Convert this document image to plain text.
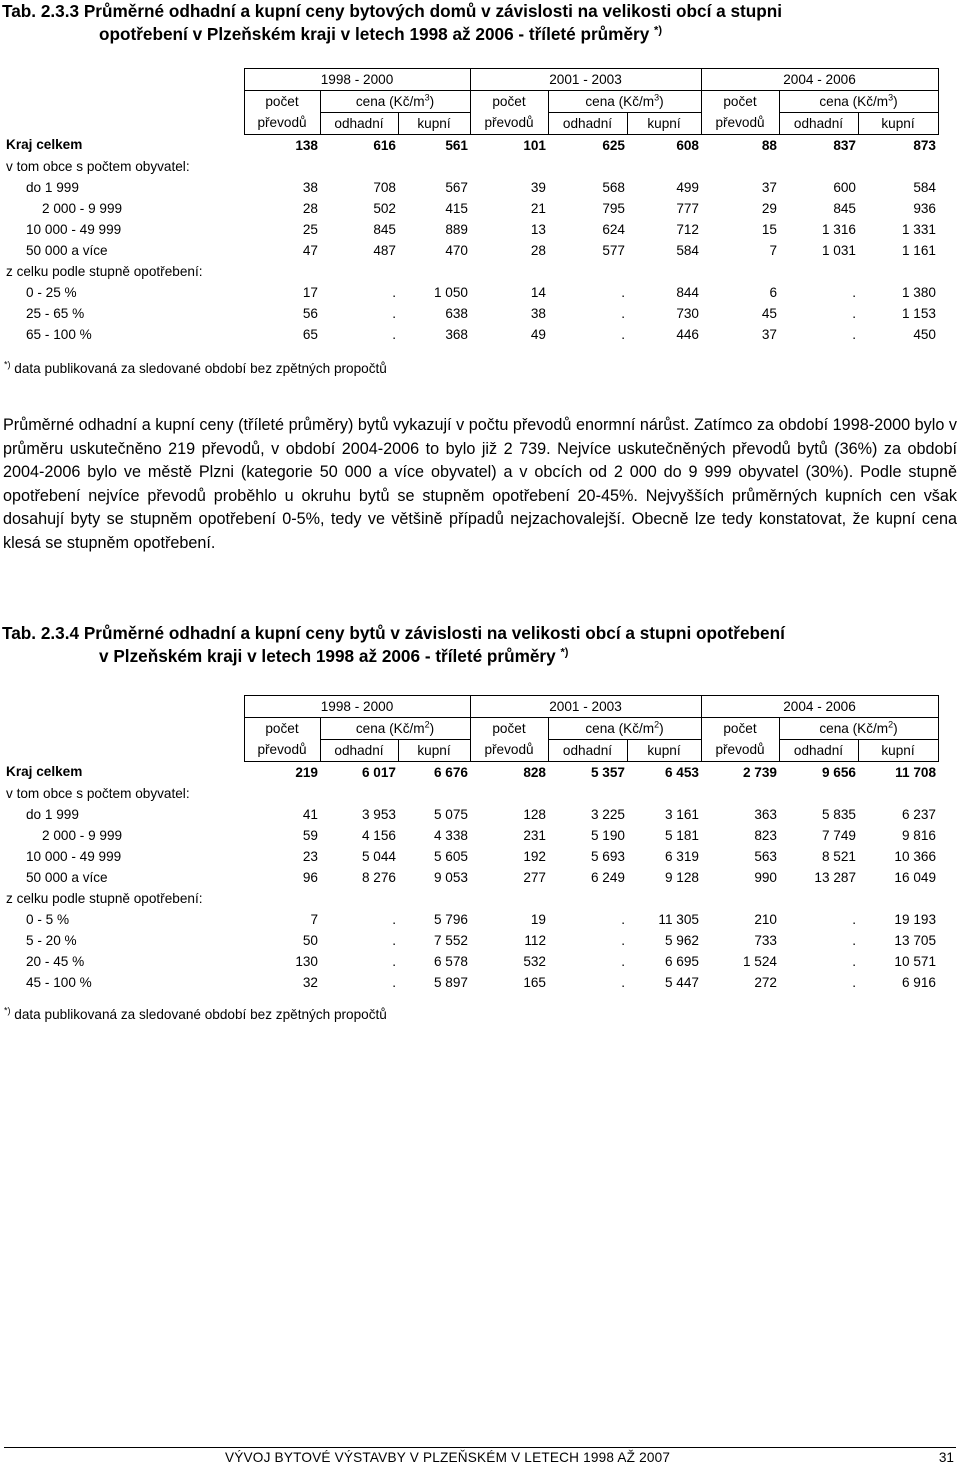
Tab. 2.3.3 Průměrné odhadní a kupní ceny bytových domů v závislosti na velikosti obcí a stupni
opotřebení v Plzeňském kraji v letech 1998 až 2006 - tříleté průměry *)
	1998 - 2000			2001 - 2003			2004 - 2006		
	počet	cena $(Kč/m^3)$		počet	cena $(Kč/m^3)$		počet	cena $(Kč/m^3)$	
	převodů	odhadní	kupní	převodů	odhadní	kupní	převodů	odhadní	kupní
Kraj celkem	138	616	561	101	625	608	88	837	873
v tom obce s počtem obyvatel:									
do 1 999	38	708	567	39	568	499	37	600	584
2 000 - 9 999	28	502	415	21	795	777	29	845	936
10 000 - 49 999	25	845	889	13	624	712	15	1 316	1 331
50 000 a více	47	487	470	28	577	584	7	1 031	1 161
z celku podle stupně opotřebení:									
0 - 25 %	17	.	1 050	14	.	844	6	.	1 380
25 - 65 %	56	.	638	38	.	730	45	.	1 153
65 - 100 %	65	.	368	49	.	446	37	.	450
*) data publikovaná za sledované období bez zpětných propočtů
Průměrné odhadní a kupní ceny (tříleté průměry) bytů vykazují v počtu převodů enormní nárůst. Zatímco za období 1998-2000 bylo v průměru uskutečněno 219 převodů, v období 2004-2006 to bylo již 2 739. Nejvíce uskutečněných převodů bytů (36%) za období 2004-2006 bylo ve městě Plzni (kategorie 50 000 a více obyvatel) a v obcích od 2 000 do 9 999 obyvatel (30%). Podle stupně opotřebení nejvíce převodů proběhlo u okruhu bytů se stupněm opotřebení 20-45%. Nejvyšších průměrných kupních cen však dosahují byty se stupněm opotřebení 0-5%, tedy ve většině případů nejzachovalejší. Obecně lze tedy konstatovat, že kupní cena klesá se stupněm opotřebení.
Tab. 2.3.4 Průměrné odhadní a kupní ceny bytů v závislosti na velikosti obcí a stupni opotřebení
v Plzeňském kraji v letech 1998 až 2006 - tříleté průměry *)
	1998 - 2000			2001 - 2003			2004 - 2006		
	počet	cena $(Kč/m^2)$		počet	cena $(Kč/m^2)$		počet	cena $(Kč/m^2)$	
	převodů	odhadní	kupní	převodů	odhadní	kupní	převodů	odhadní	kupní
Kraj celkem	219	6 017	6 676	828	5 357	6 453	2 739	9 656	11 708
v tom obce s počtem obyvatel:									
do 1 999	41	3 953	5 075	128	3 225	3 161	363	5 835	6 237
2 000 - 9 999	59	4 156	4 338	231	5 190	5 181	823	7 749	9 816
10 000 - 49 999	23	5 044	5 605	192	5 693	6 319	563	8 521	10 366
50 000 a více	96	8 276	9 053	277	6 249	9 128	990	13 287	16 049
z celku podle stupně opotřebení:									
0 - 5 %	7	.	5 796	19	.	11 305	210	.	19 193
5 - 20 %	50	.	7 552	112	.	5 962	733	.	13 705
20 - 45 %	130	.	6 578	532	.	6 695	1 524	.	10 571
45 - 100 %	32	.	5 897	165	.	5 447	272	.	6 916
*) data publikovaná za sledované období bez zpětných propočtů
VÝVOJ BYTOVÉ VÝSTAVBY V PLZEŇSKÉM V LETECH 1998 AŽ 2007	31
